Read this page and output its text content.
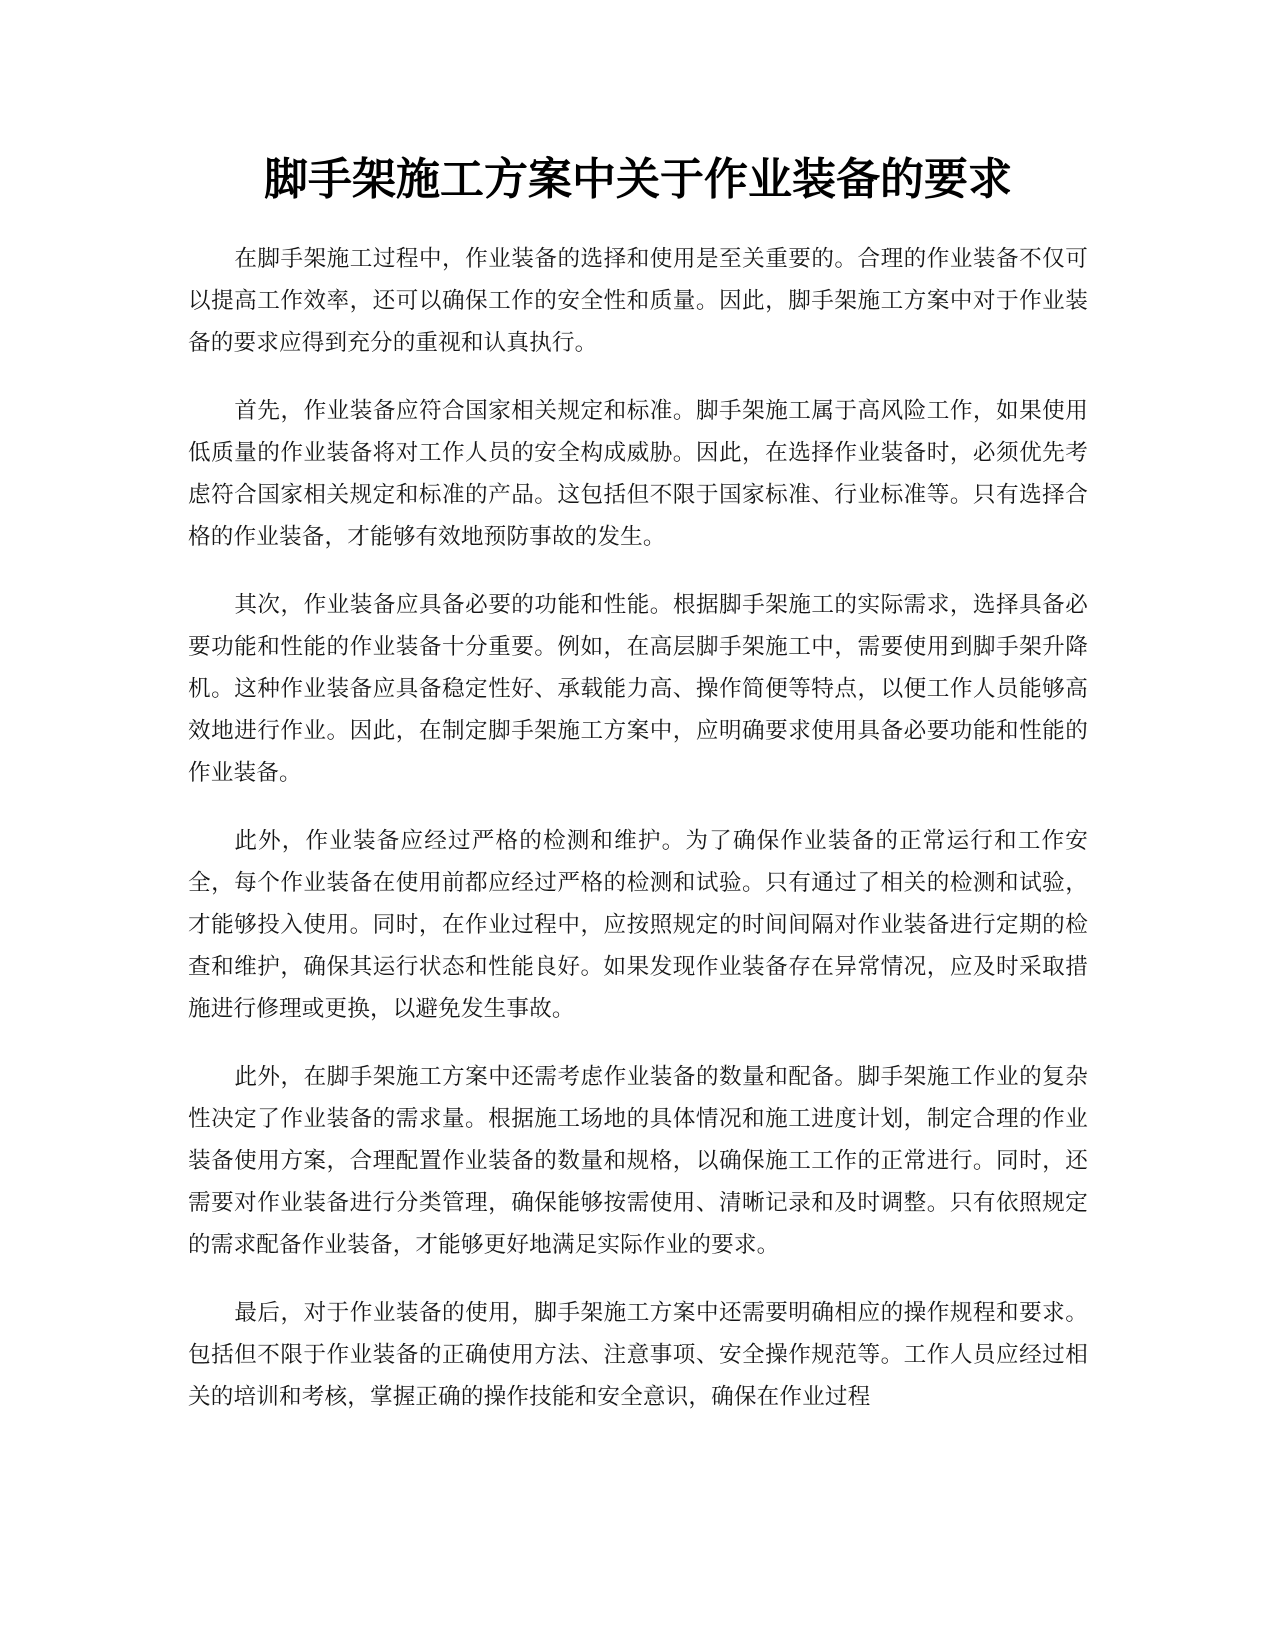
脚手架施工方案中关于作业装备的要求

在脚手架施工过程中，作业装备的选择和使用是至关重要的。合理的作业装备不仅可以提高工作效率，还可以确保工作的安全性和质量。因此，脚手架施工方案中对于作业装备的要求应得到充分的重视和认真执行。

首先，作业装备应符合国家相关规定和标准。脚手架施工属于高风险工作，如果使用低质量的作业装备将对工作人员的安全构成威胁。因此，在选择作业装备时，必须优先考虑符合国家相关规定和标准的产品。这包括但不限于国家标准、行业标准等。只有选择合格的作业装备，才能够有效地预防事故的发生。

其次，作业装备应具备必要的功能和性能。根据脚手架施工的实际需求，选择具备必要功能和性能的作业装备十分重要。例如，在高层脚手架施工中，需要使用到脚手架升降机。这种作业装备应具备稳定性好、承载能力高、操作简便等特点，以便工作人员能够高效地进行作业。因此，在制定脚手架施工方案中，应明确要求使用具备必要功能和性能的作业装备。

此外，作业装备应经过严格的检测和维护。为了确保作业装备的正常运行和工作安全，每个作业装备在使用前都应经过严格的检测和试验。只有通过了相关的检测和试验，才能够投入使用。同时，在作业过程中，应按照规定的时间间隔对作业装备进行定期的检查和维护，确保其运行状态和性能良好。如果发现作业装备存在异常情况，应及时采取措施进行修理或更换，以避免发生事故。

此外，在脚手架施工方案中还需考虑作业装备的数量和配备。脚手架施工作业的复杂性决定了作业装备的需求量。根据施工场地的具体情况和施工进度计划，制定合理的作业装备使用方案，合理配置作业装备的数量和规格，以确保施工工作的正常进行。同时，还需要对作业装备进行分类管理，确保能够按需使用、清晰记录和及时调整。只有依照规定的需求配备作业装备，才能够更好地满足实际作业的要求。

最后，对于作业装备的使用，脚手架施工方案中还需要明确相应的操作规程和要求。包括但不限于作业装备的正确使用方法、注意事项、安全操作规范等。工作人员应经过相关的培训和考核，掌握正确的操作技能和安全意识，确保在作业过程
